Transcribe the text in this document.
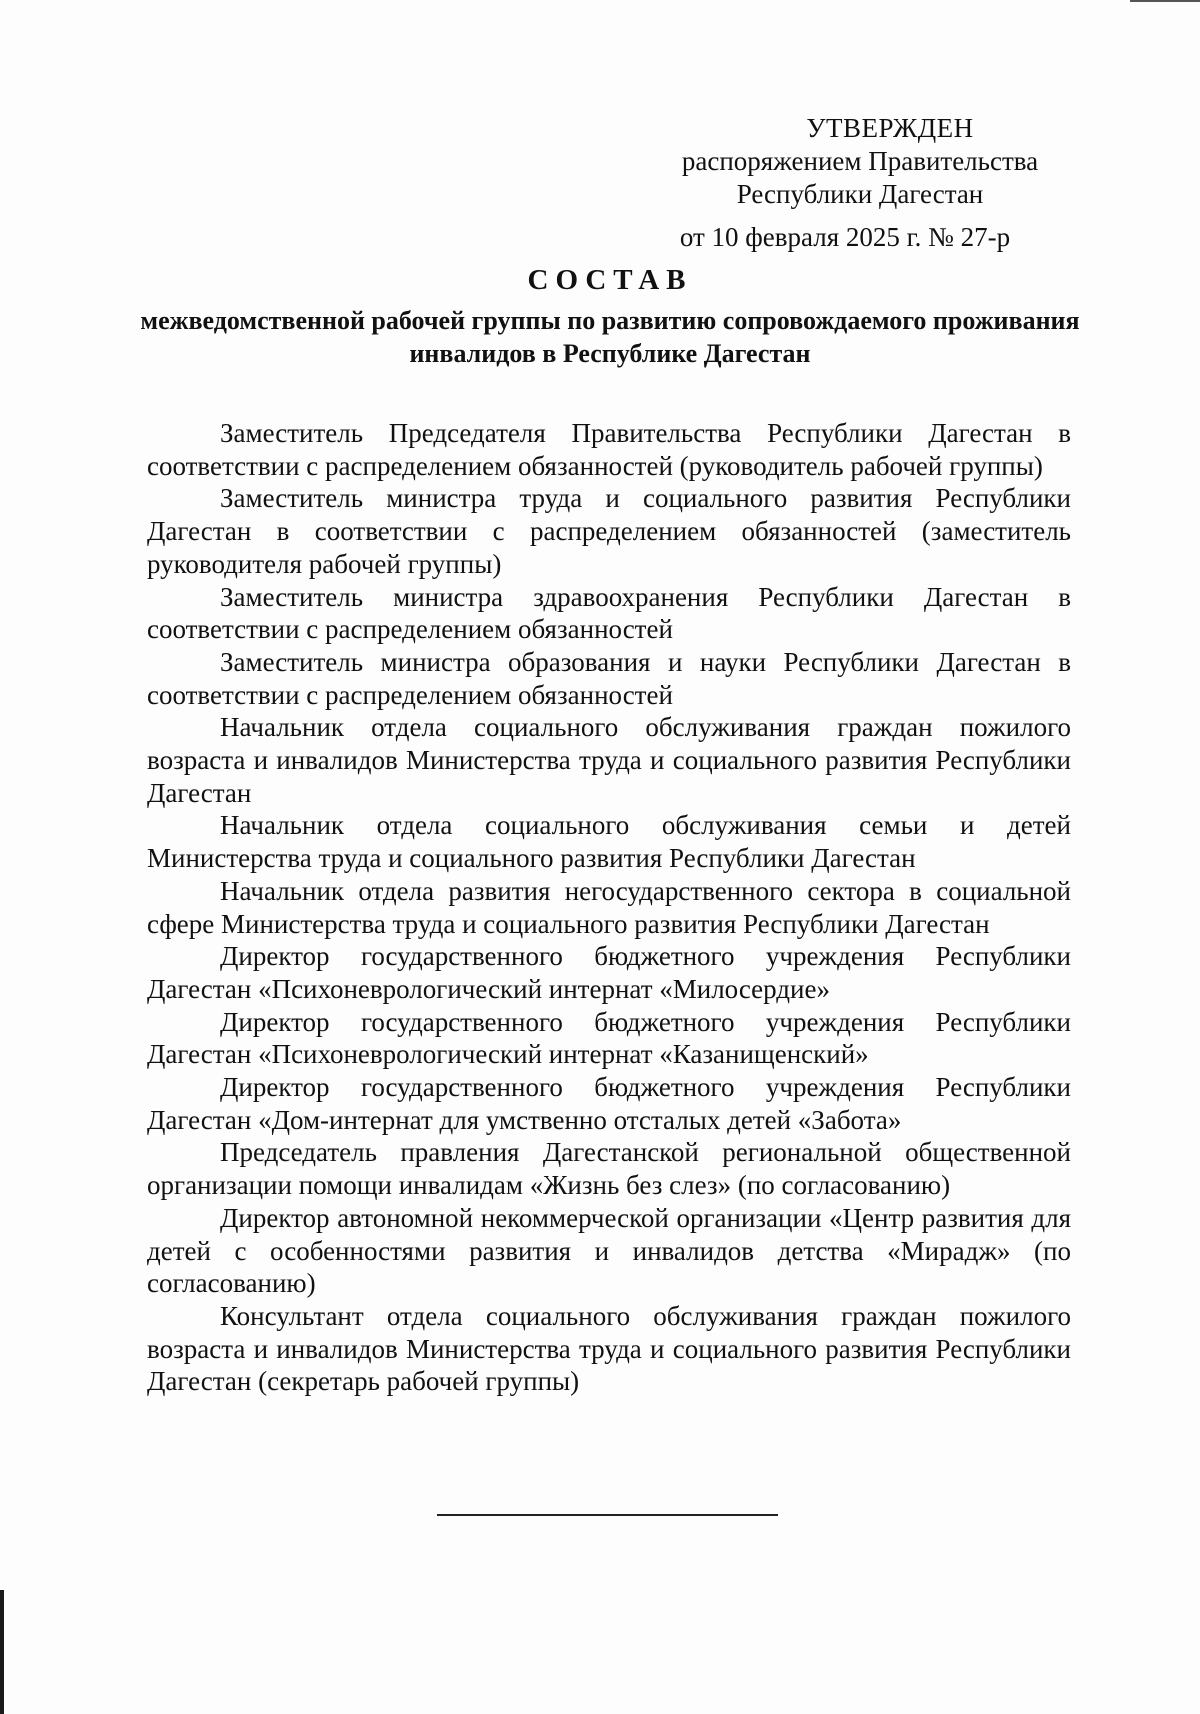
УТВЕРЖДЕН
распоряжением Правительства
Республики Дагестан
от 10 февраля 2025 г. № 27-р
СОСТАВ
межведомственной рабочей группы по развитию сопровождаемого проживания инвалидов в Республике Дагестан

Заместитель Председателя Правительства Республики Дагестан в соответствии с распределением обязанностей (руководитель рабочей группы)

Заместитель министра труда и социального развития Республики Дагестан в соответствии с распределением обязанностей (заместитель руководителя рабочей группы)

Заместитель министра здравоохранения Республики Дагестан в соответствии с распределением обязанностей

Заместитель министра образования и науки Республики Дагестан в соответствии с распределением обязанностей

Начальник отдела социального обслуживания граждан пожилого возраста и инвалидов Министерства труда и социального развития Республики Дагестан

Начальник отдела социального обслуживания семьи и детей Министерства труда и социального развития Республики Дагестан

Начальник отдела развития негосударственного сектора в социальной сфере Министерства труда и социального развития Республики Дагестан

Директор государственного бюджетного учреждения Республики Дагестан «Психоневрологический интернат «Милосердие»

Директор государственного бюджетного учреждения Республики Дагестан «Психоневрологический интернат «Казанищенский»

Директор государственного бюджетного учреждения Республики Дагестан «Дом-интернат для умственно отсталых детей «Забота»

Председатель правления Дагестанской региональной общественной организации помощи инвалидам «Жизнь без слез» (по согласованию)

Директор автономной некоммерческой организации «Центр развития для детей с особенностями развития и инвалидов детства «Мирадж» (по согласованию)

Консультант отдела социального обслуживания граждан пожилого возраста и инвалидов Министерства труда и социального развития Республики Дагестан (секретарь рабочей группы)
